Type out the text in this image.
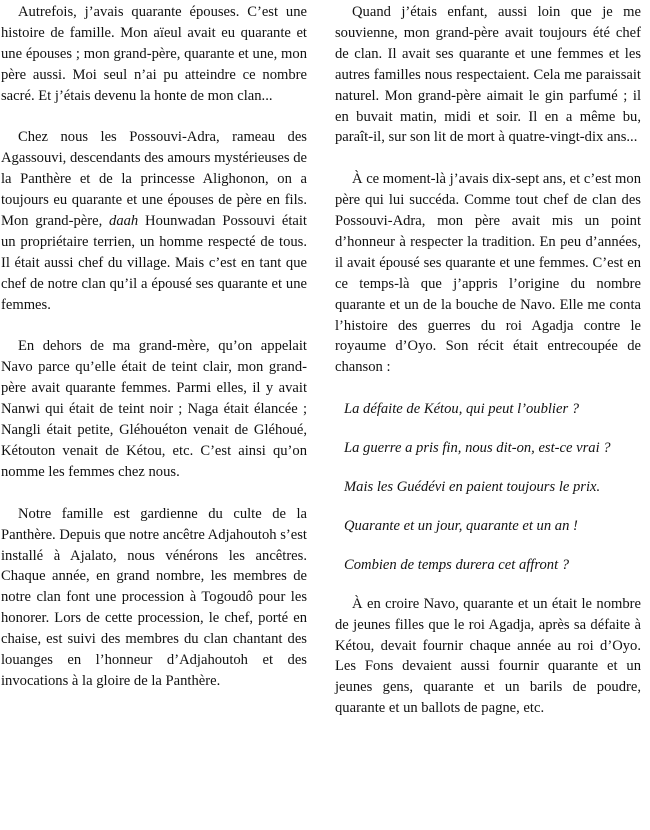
Autrefois, j’avais quarante épouses. C’est une histoire de famille. Mon aïeul avait eu quarante et une épouses ; mon grand-père, quarante et une, mon père aussi. Moi seul n’ai pu atteindre ce nombre sacré. Et j’étais devenu la honte de mon clan...

Chez nous les Possouvi-Adra, rameau des Agassouvi, descendants des amours mystérieuses de la Panthère et de la princesse Alighonon, on a toujours eu quarante et une épouses de père en fils. Mon grand-père, daah Hounwadan Possouvi était un propriétaire terrien, un homme respecté de tous. Il était aussi chef du village. Mais c’est en tant que chef de notre clan qu’il a épousé ses quarante et une femmes.

En dehors de ma grand-mère, qu’on appelait Navo parce qu’elle était de teint clair, mon grand-père avait quarante femmes. Parmi elles, il y avait Nanwi qui était de teint noir ; Naga était élancée ; Nangli était petite, Gléhouéton venait de Gléhoué, Kétouton venait de Kétou, etc. C’est ainsi qu’on nomme les femmes chez nous.

Notre famille est gardienne du culte de la Panthère. Depuis que notre ancêtre Adjahoutoh s’est installé à Ajalato, nous vénérons les ancêtres. Chaque année, en grand nombre, les membres de notre clan font une procession à Togoudô pour les honorer. Lors de cette procession, le chef, porté en chaise, est suivi des membres du clan chantant des louanges en l’honneur d’Adjahoutoh et des invocations à la gloire de la Panthère.

Quand j’étais enfant, aussi loin que je me souvienne, mon grand-père avait toujours été chef de clan. Il avait ses quarante et une femmes et les autres familles nous respectaient. Cela me paraissait naturel. Mon grand-père aimait le gin parfumé ; il en buvait matin, midi et soir. Il en a même bu, paraît-il, sur son lit de mort à quatre-vingt-dix ans...

À ce moment-là j’avais dix-sept ans, et c’est mon père qui lui succéda. Comme tout chef de clan des Possouvi-Adra, mon père avait mis un point d’honneur à respecter la tradition. En peu d’années, il avait épousé ses quarante et une femmes. C’est en ce temps-là que j’appris l’origine du nombre quarante et un de la bouche de Navo. Elle me conta l’histoire des guerres du roi Agadja contre le royaume d’Oyo. Son récit était entrecoupée de chanson :

La défaite de Kétou, qui peut l’oublier ?

La guerre a pris fin, nous dit-on, est-ce vrai ?

Mais les Guédévi en paient toujours le prix.

Quarante et un jour, quarante et un an !

Combien de temps durera cet affront ?

À en croire Navo, quarante et un était le nombre de jeunes filles que le roi Agadja, après sa défaite à Kétou, devait fournir chaque année au roi d’Oyo. Les Fons devaient aussi fournir quarante et un jeunes gens, quarante et un barils de poudre, quarante et un ballots de pagne, etc.
